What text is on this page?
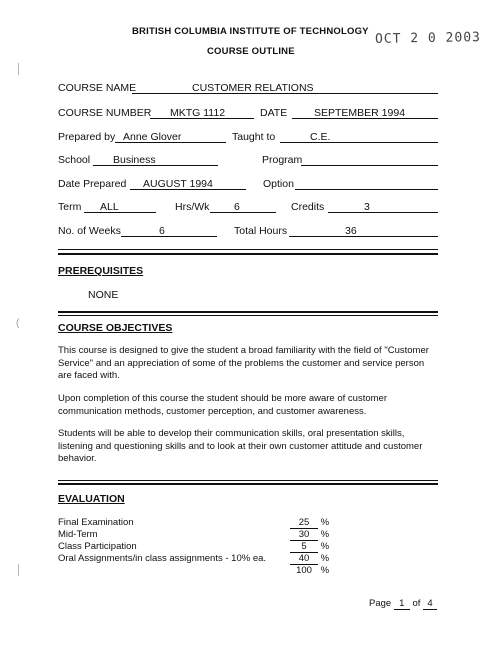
BRITISH COLUMBIA INSTITUTE OF TECHNOLOGY
COURSE OUTLINE
OCT 2 0 2003
COURSE NAME	CUSTOMER RELATIONS
COURSE NUMBER MKTG 1112	DATE	SEPTEMBER 1994
Prepared by Anne Glover	Taught to	C.E.
School Business	Program
Date Prepared AUGUST 1994	Option
Term ALL	Hrs/Wk 6	Credits	3
No. of Weeks	6	Total Hours	36
PREREQUISITES
NONE
COURSE OBJECTIVES
This course is designed to give the student a broad familiarity with the field of "Customer Service" and an appreciation of some of the problems the customer and service person are faced with.
Upon completion of this course the student should be more aware of customer communication methods, customer perception, and customer awareness.
Students will be able to develop their communication skills, oral presentation skills, listening and questioning skills and to look at their own customer attitude and customer behavior.
EVALUATION
Final Examination	25 %
Mid-Term	30 %
Class Participation	5 %
Oral Assignments/in class assignments - 10% ea.	40 %
100 %
Page 1 of 4
│
(
│
